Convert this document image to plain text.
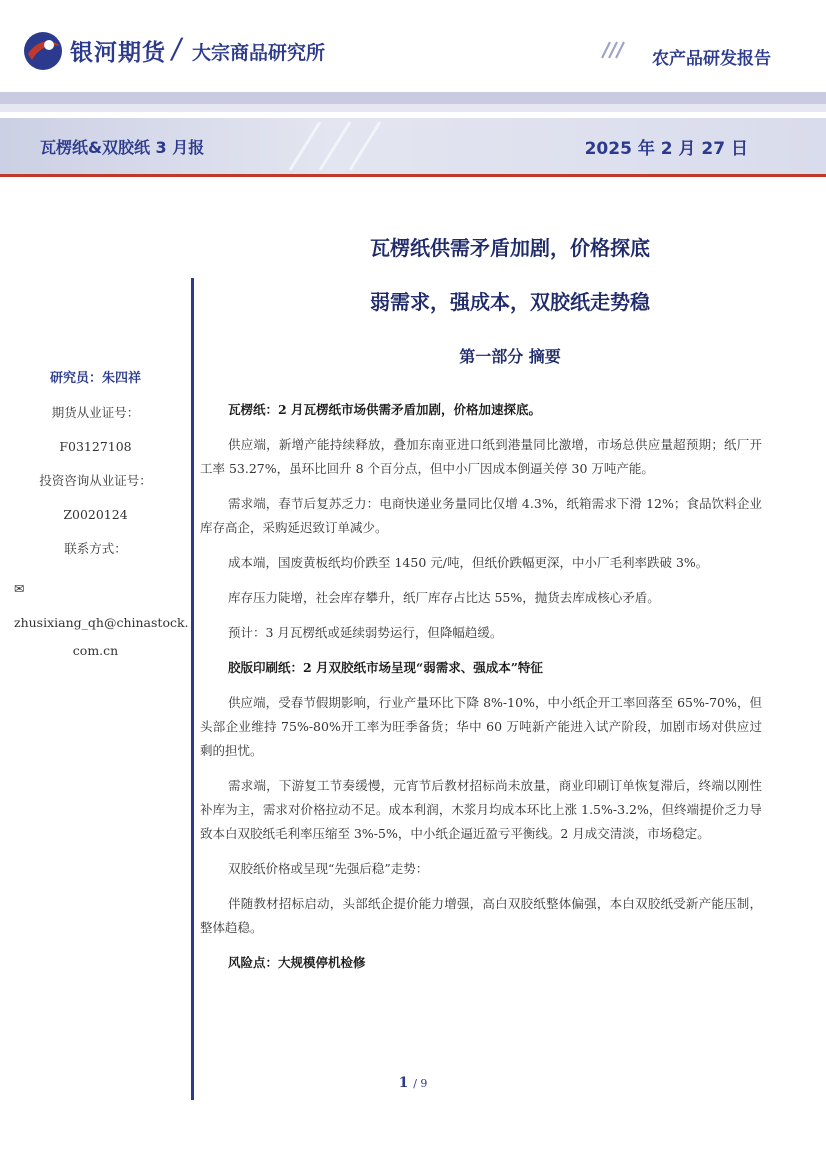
银河期货 / 大宗商品研究所	农产品研发报告
瓦楞纸&双胶纸 3 月报	2025 年 2 月 27 日
研究员：朱四祥
期货从业证号：
F03127108
投资咨询从业证号：
Z0020124
联系方式：
✉zhusixiang_qh@chinastock.
com.cn
瓦楞纸供需矛盾加剧，价格探底
弱需求，强成本，双胶纸走势稳
第一部分 摘要

瓦楞纸：2 月瓦楞纸市场供需矛盾加剧，价格加速探底。

供应端，新增产能持续释放，叠加东南亚进口纸到港量同比激增，市场总供应量超预期；纸厂开工率 53.27%，虽环比回升 8 个百分点，但中小厂因成本倒逼关停 30 万吨产能。

需求端，春节后复苏乏力：电商快递业务量同比仅增 4.3%，纸箱需求下滑 12%；食品饮料企业库存高企，采购延迟致订单减少。

成本端，国废黄板纸均价跌至 1450 元/吨，但纸价跌幅更深，中小厂毛利率跌破 3%。

库存压力陡增，社会库存攀升，纸厂库存占比达 55%，抛货去库成核心矛盾。

预计：3 月瓦楞纸或延续弱势运行，但降幅趋缓。

胶版印刷纸：2 月双胶纸市场呈现“弱需求、强成本”特征

供应端，受春节假期影响，行业产量环比下降 8%-10%，中小纸企开工率回落至 65%-70%，但头部企业维持 75%-80%开工率为旺季备货；华中 60 万吨新产能进入试产阶段，加剧市场对供应过剩的担忧。

需求端，下游复工节奏缓慢，元宵节后教材招标尚未放量，商业印刷订单恢复滞后，终端以刚性补库为主，需求对价格拉动不足。成本利润，木浆月均成本环比上涨 1.5%-3.2%，但终端提价乏力导致本白双胶纸毛利率压缩至 3%-5%，中小纸企逼近盈亏平衡线。2 月成交清淡，市场稳定。

双胶纸价格或呈现“先强后稳”走势：

伴随教材招标启动，头部纸企提价能力增强，高白双胶纸整体偏强，本白双胶纸受新产能压制，整体趋稳。

风险点：大规模停机检修

1 / 9
